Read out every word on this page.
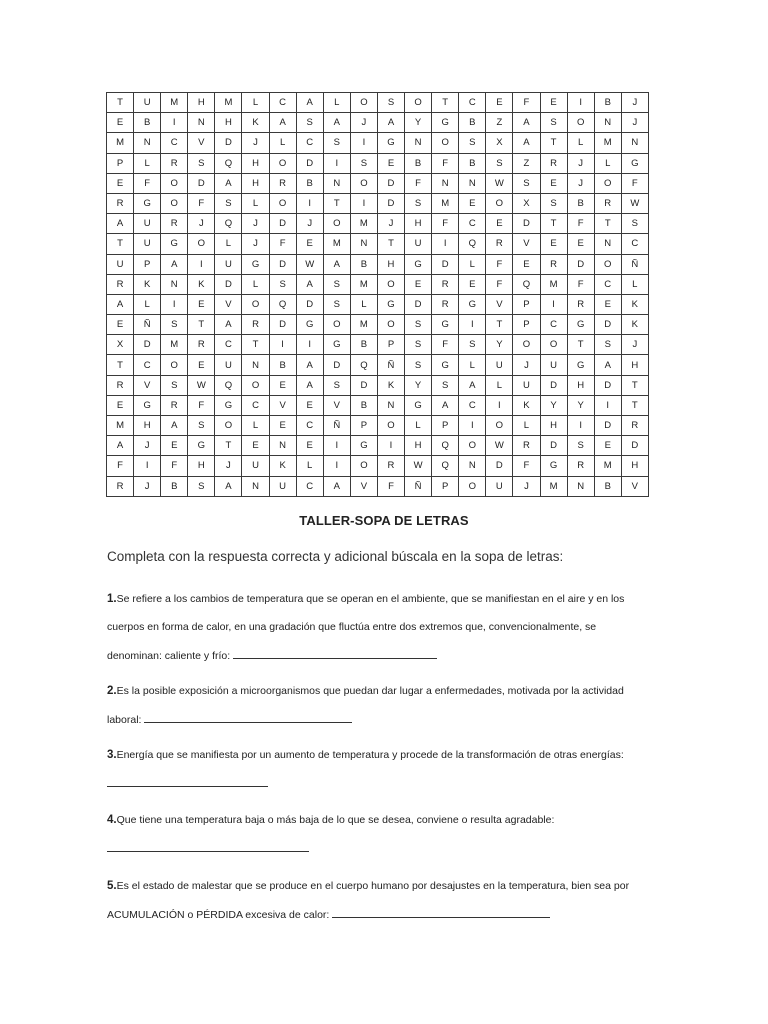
T	U	M	H	M	L	C	A	L	O	S	O	T	C	E	F	E	I	B	J
E	B	I	N	H	K	A	S	A	J	A	Y	G	B	Z	A	S	O	N	J
M	N	C	V	D	J	L	C	S	I	G	N	O	S	X	A	T	L	M	N
P	L	R	S	Q	H	O	D	I	S	E	B	F	B	S	Z	R	J	L	G
E	F	O	D	A	H	R	B	N	O	D	F	N	N	W	S	E	J	O	F
R	G	O	F	S	L	O	I	T	I	D	S	M	E	O	X	S	B	R	W
A	U	R	J	Q	J	D	J	O	M	J	H	F	C	E	D	T	F	T	S
T	U	G	O	L	J	F	E	M	N	T	U	I	Q	R	V	E	E	N	C
U	P	A	I	U	G	D	W	A	B	H	G	D	L	F	E	R	D	O	Ñ
R	K	N	K	D	L	S	A	S	M	O	E	R	E	F	Q	M	F	C	L
A	L	I	E	V	O	Q	D	S	L	G	D	R	G	V	P	I	R	E	K
E	Ñ	S	T	A	R	D	G	O	M	O	S	G	I	T	P	C	G	D	K
X	D	M	R	C	T	I	I	G	B	P	S	F	S	Y	O	O	T	S	J
T	C	O	E	U	N	B	A	D	Q	Ñ	S	G	L	U	J	U	G	A	H
R	V	S	W	Q	O	E	A	S	D	K	Y	S	A	L	U	D	H	D	T
E	G	R	F	G	C	V	E	V	B	N	G	A	C	I	K	Y	Y	I	T
M	H	A	S	O	L	E	C	Ñ	P	O	L	P	I	O	L	H	I	D	R
A	J	E	G	T	E	N	E	I	G	I	H	Q	O	W	R	D	S	E	D
F	I	F	H	J	U	K	L	I	O	R	W	Q	N	D	F	G	R	M	H
R	J	B	S	A	N	U	C	A	V	F	Ñ	P	O	U	J	M	N	B	V
TALLER-SOPA DE LETRAS
Completa con la respuesta correcta y adicional búscala en la sopa de letras:
1.Se refiere a los cambios de temperatura que se operan en el ambiente, que se manifiestan en el aire y en los
cuerpos en forma de calor, en una gradación que fluctúa entre dos extremos que, convencionalmente, se
denominan: caliente y frío:
2.Es la posible exposición a microorganismos que puedan dar lugar a enfermedades, motivada por la actividad
laboral:
3.Energía que se manifiesta por un aumento de temperatura y procede de la transformación de otras energías:
4.Que tiene una temperatura baja o más baja de lo que se desea, conviene o resulta agradable:
5.Es el estado de malestar que se produce en el cuerpo humano por desajustes en la temperatura, bien sea por
ACUMULACIÓN o PÉRDIDA excesiva de calor:
